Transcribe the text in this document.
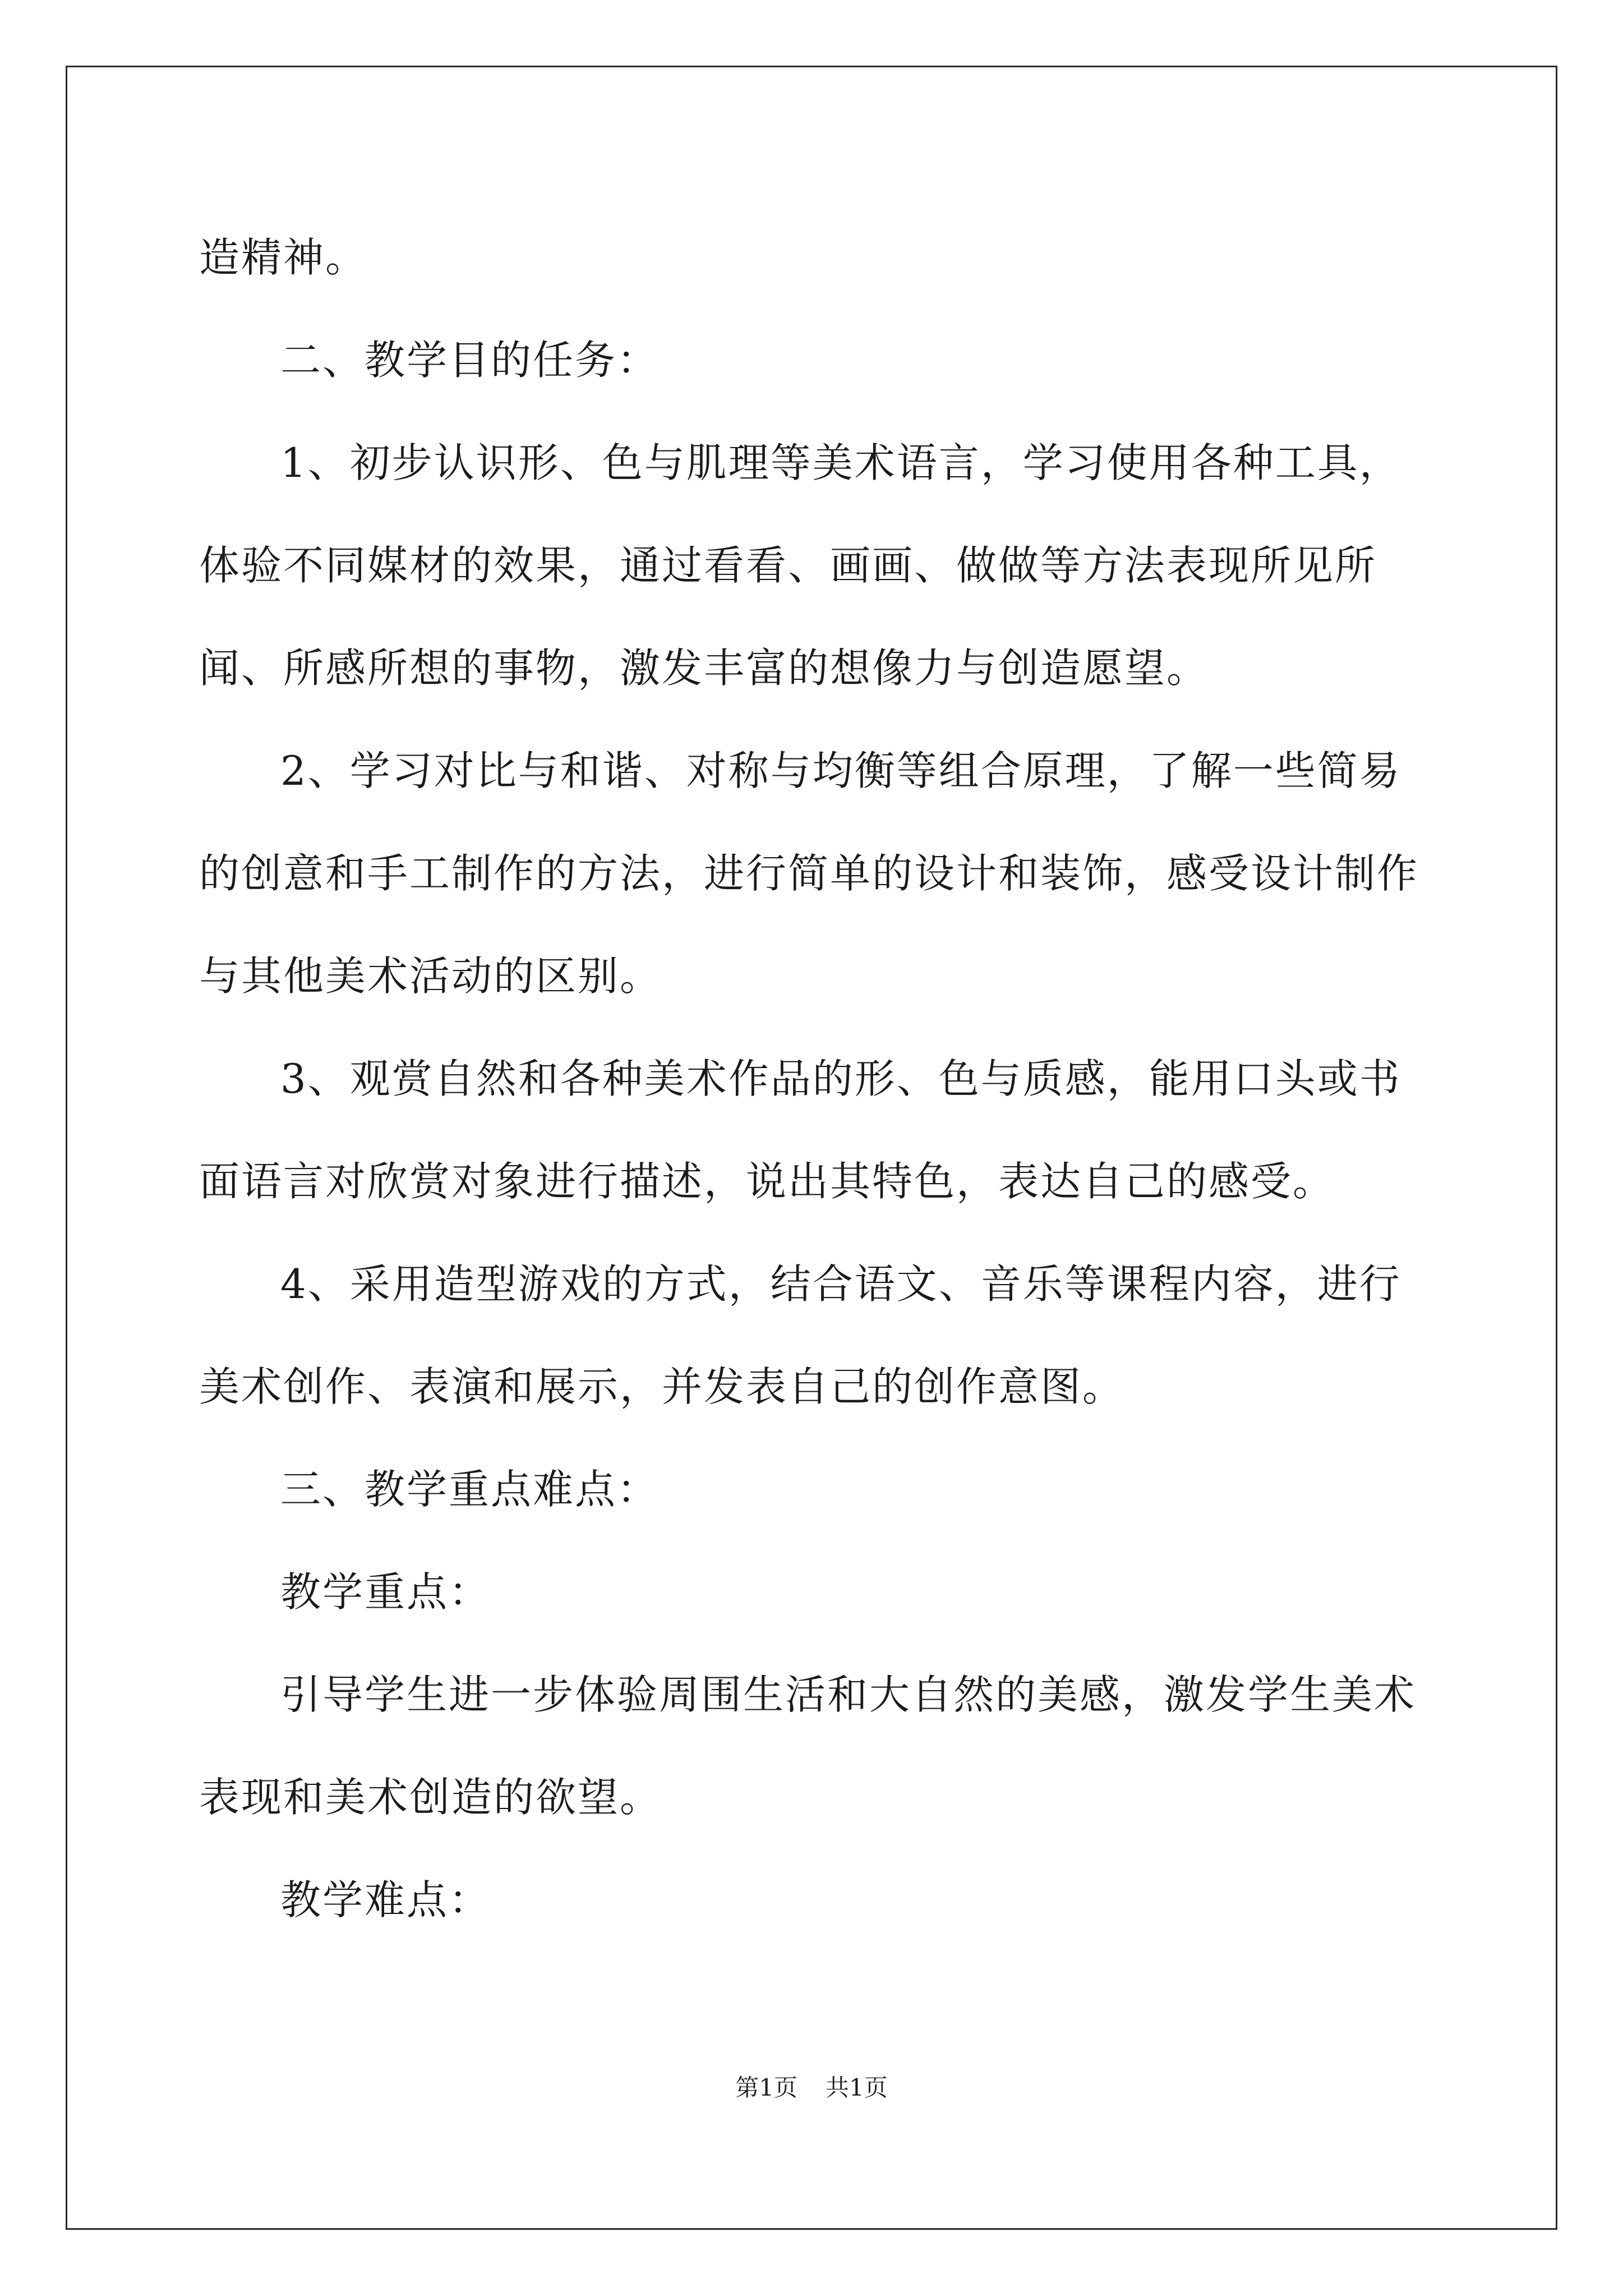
造精神。

二、教学目的任务：

1、初步认识形、色与肌理等美术语言，学习使用各种工具，体验不同媒材的效果，通过看看、画画、做做等方法表现所见所闻、所感所想的事物，激发丰富的想像力与创造愿望。

2、学习对比与和谐、对称与均衡等组合原理，了解一些简易的创意和手工制作的方法，进行简单的设计和装饰，感受设计制作与其他美术活动的区别。

3、观赏自然和各种美术作品的形、色与质感，能用口头或书面语言对欣赏对象进行描述，说出其特色，表达自己的感受。

4、采用造型游戏的方式，结合语文、音乐等课程内容，进行美术创作、表演和展示，并发表自己的创作意图。

三、教学重点难点：

教学重点：

引导学生进一步体验周围生活和大自然的美感，激发学生美术表现和美术创造的欲望。

教学难点：

第1页 共1页
